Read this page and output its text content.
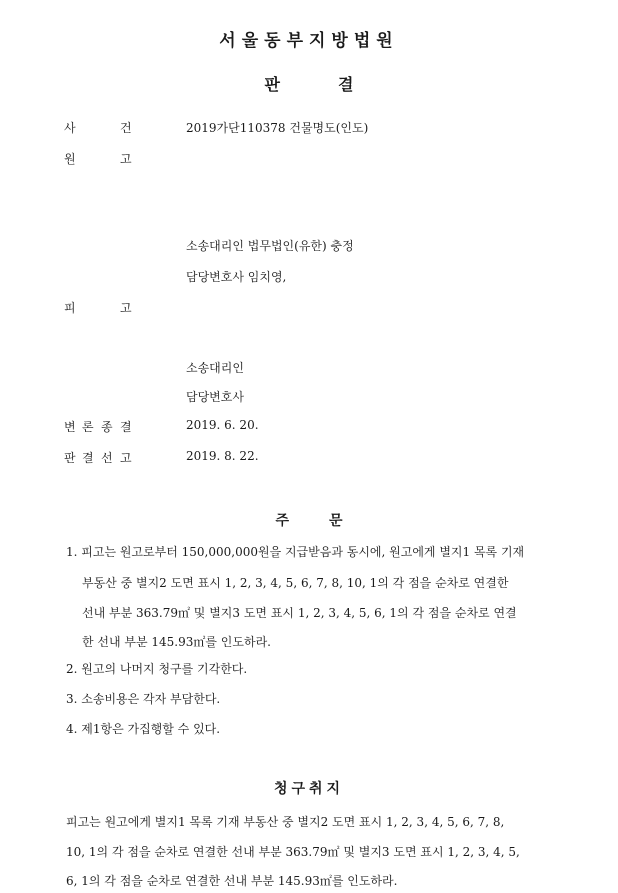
서울동부지방법원
판	결
사	건	2019가단110378 건물명도(인도)
원	고
소송대리인 법무법인(유한) 충정
담당변호사 임치영,
피	고
소송대리인
담당변호사
변 론 종 결	2019. 6. 20.
판 결 선 고	2019. 8. 22.
주	문
1. 피고는 원고로부터 150,000,000원을 지급받음과 동시에, 원고에게 별지1 목록 기재
부동산 중 별지2 도면 표시 1, 2, 3, 4, 5, 6, 7, 8, 10, 1의 각 점을 순차로 연결한
선내 부분 363.79㎡ 및 별지3 도면 표시 1, 2, 3, 4, 5, 6, 1의 각 점을 순차로 연결
한 선내 부분 145.93㎡를 인도하라.
2. 원고의 나머지 청구를 기각한다.
3. 소송비용은 각자 부담한다.
4. 제1항은 가집행할 수 있다.
청구취지
피고는 원고에게 별지1 목록 기재 부동산 중 별지2 도면 표시 1, 2, 3, 4, 5, 6, 7, 8,
10, 1의 각 점을 순차로 연결한 선내 부분 363.79㎡ 및 별지3 도면 표시 1, 2, 3, 4, 5,
6, 1의 각 점을 순차로 연결한 선내 부분 145.93㎡를 인도하라.
